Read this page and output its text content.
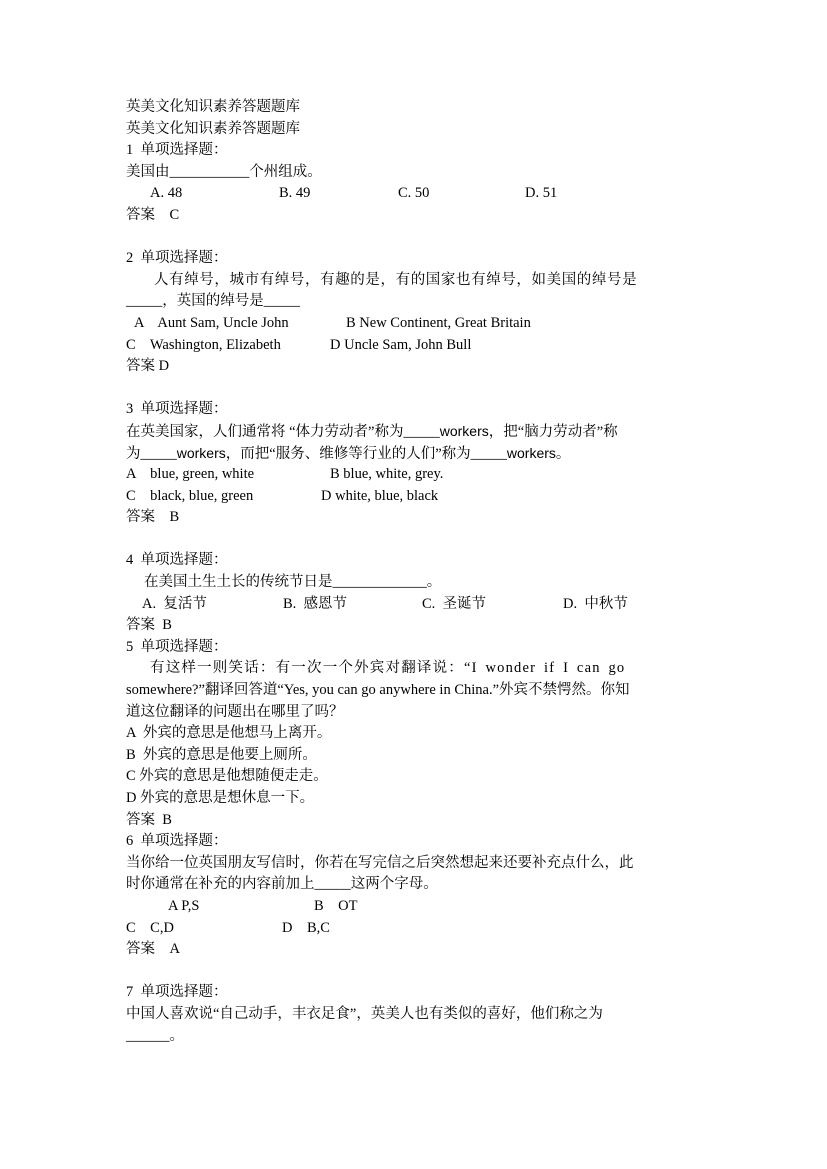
英美文化知识素养答题题库
英美文化知识素养答题题库
1  单项选择题：
美国由___________个州组成。
A. 48	B. 49	C. 50	D. 51
答案    C
2  单项选择题：
人有绰号，城市有绰号，有趣的是，有的国家也有绰号，如美国的绰号是
_____，英国的绰号是_____
A    Aunt Sam, Uncle John	B New Continent, Great Britain
C    Washington, Elizabeth	D Uncle Sam, John Bull
答案 D
3  单项选择题：
在英美国家，人们通常将 “体力劳动者”称为_____workers，把“脑力劳动者”称
为_____workers，而把“服务、维修等行业的人们”称为_____workers。
A    blue, green, white	B blue, white, grey.
C    black, blue, green	D white, blue, black
答案    B
4  单项选择题：
在美国土生土长的传统节日是_____________。
A.  复活节	B.  感恩节	C.  圣诞节	D.  中秋节
答案  B
5  单项选择题：
有这样一则笑话：有一次一个外宾对翻译说：“I wonder if I can go
somewhere?”翻译回答道“Yes, you can go anywhere in China.”外宾不禁愕然。你知
道这位翻译的问题出在哪里了吗？
A  外宾的意思是他想马上离开。
B  外宾的意思是他要上厕所。
C 外宾的意思是他想随便走走。
D 外宾的意思是想休息一下。
答案  B
6  单项选择题：
当你给一位英国朋友写信时，你若在写完信之后突然想起来还要补充点什么，此
时你通常在补充的内容前加上_____这两个字母。
A P,S	B    OT
C    C,D	D    B,C
答案    A
7  单项选择题：
中国人喜欢说“自己动手，丰衣足食”，英美人也有类似的喜好，他们称之为
______。
